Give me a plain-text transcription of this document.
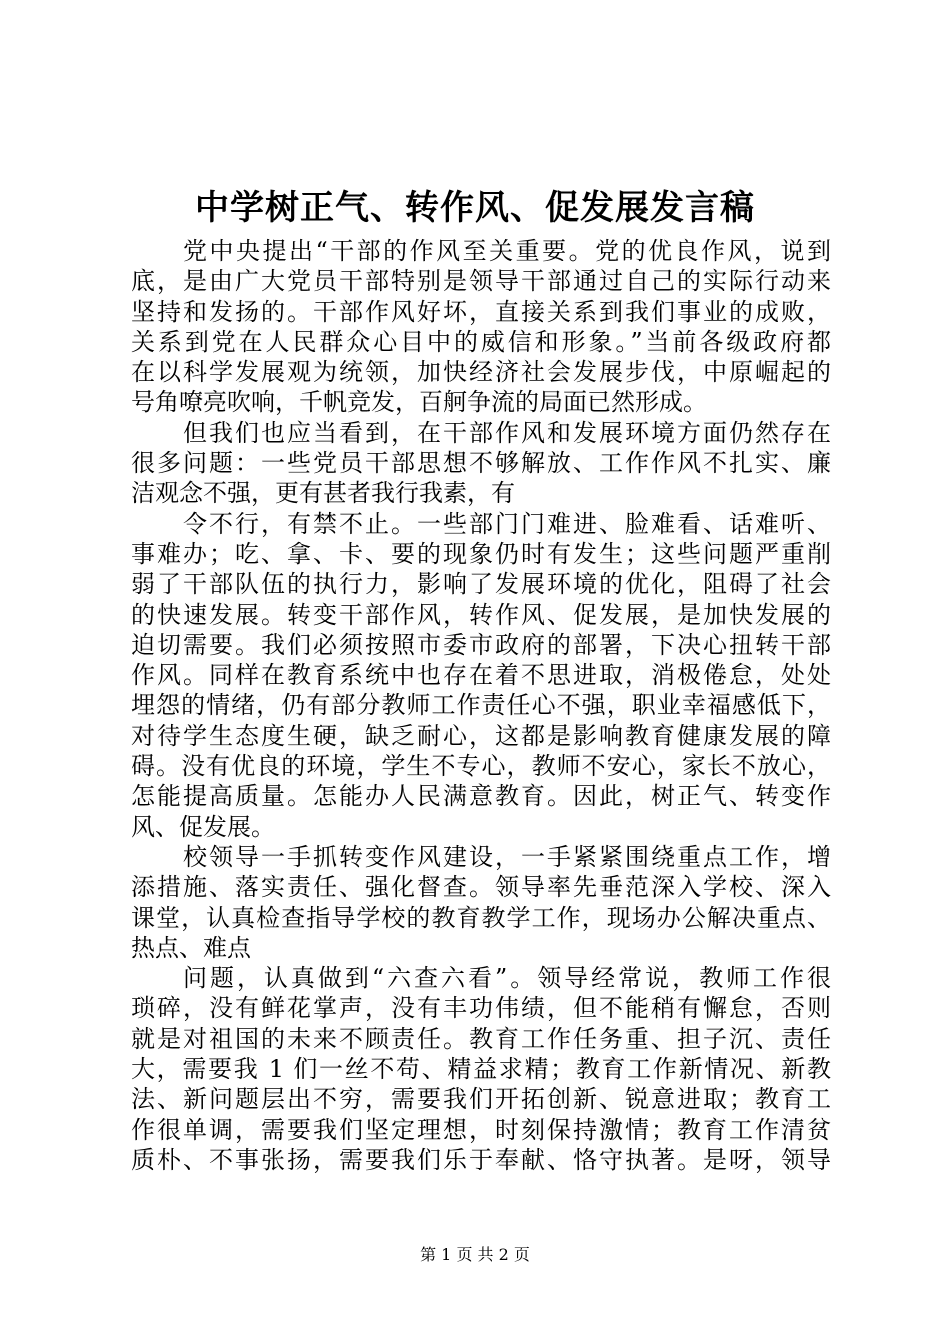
中学树正气、转作风、促发展发言稿
党中央提出“干部的作风至关重要。党的优良作风，说到
底，是由广大党员干部特别是领导干部通过自己的实际行动来
坚持和发扬的。干部作风好坏，直接关系到我们事业的成败，
关系到党在人民群众心目中的威信和形象。”当前各级政府都
在以科学发展观为统领，加快经济社会发展步伐，中原崛起的
号角嘹亮吹响，千帆竞发，百舸争流的局面已然形成。
但我们也应当看到，在干部作风和发展环境方面仍然存在
很多问题：一些党员干部思想不够解放、工作作风不扎实、廉
洁观念不强，更有甚者我行我素，有
令不行，有禁不止。一些部门门难进、脸难看、话难听、
事难办；吃、拿、卡、要的现象仍时有发生；这些问题严重削
弱了干部队伍的执行力，影响了发展环境的优化，阻碍了社会
的快速发展。转变干部作风，转作风、促发展，是加快发展的
迫切需要。我们必须按照市委市政府的部署，下决心扭转干部
作风。同样在教育系统中也存在着不思进取，消极倦怠，处处
埋怨的情绪，仍有部分教师工作责任心不强，职业幸福感低下，
对待学生态度生硬，缺乏耐心，这都是影响教育健康发展的障
碍。没有优良的环境，学生不专心，教师不安心，家长不放心，
怎能提高质量。怎能办人民满意教育。因此，树正气、转变作
风、促发展。
校领导一手抓转变作风建设，一手紧紧围绕重点工作，增
添措施、落实责任、强化督查。领导率先垂范深入学校、深入
课堂，认真检查指导学校的教育教学工作，现场办公解决重点、
热点、难点
问题，认真做到“六查六看”。领导经常说，教师工作很
琐碎，没有鲜花掌声，没有丰功伟绩，但不能稍有懈怠，否则
就是对祖国的未来不顾责任。教育工作任务重、担子沉、责任
大，需要我 1 们一丝不苟、精益求精；教育工作新情况、新教
法、新问题层出不穷，需要我们开拓创新、锐意进取；教育工
作很单调，需要我们坚定理想，时刻保持激情；教育工作清贫
质朴、不事张扬，需要我们乐于奉献、恪守执著。是呀，领导
第 1 页 共 2 页
